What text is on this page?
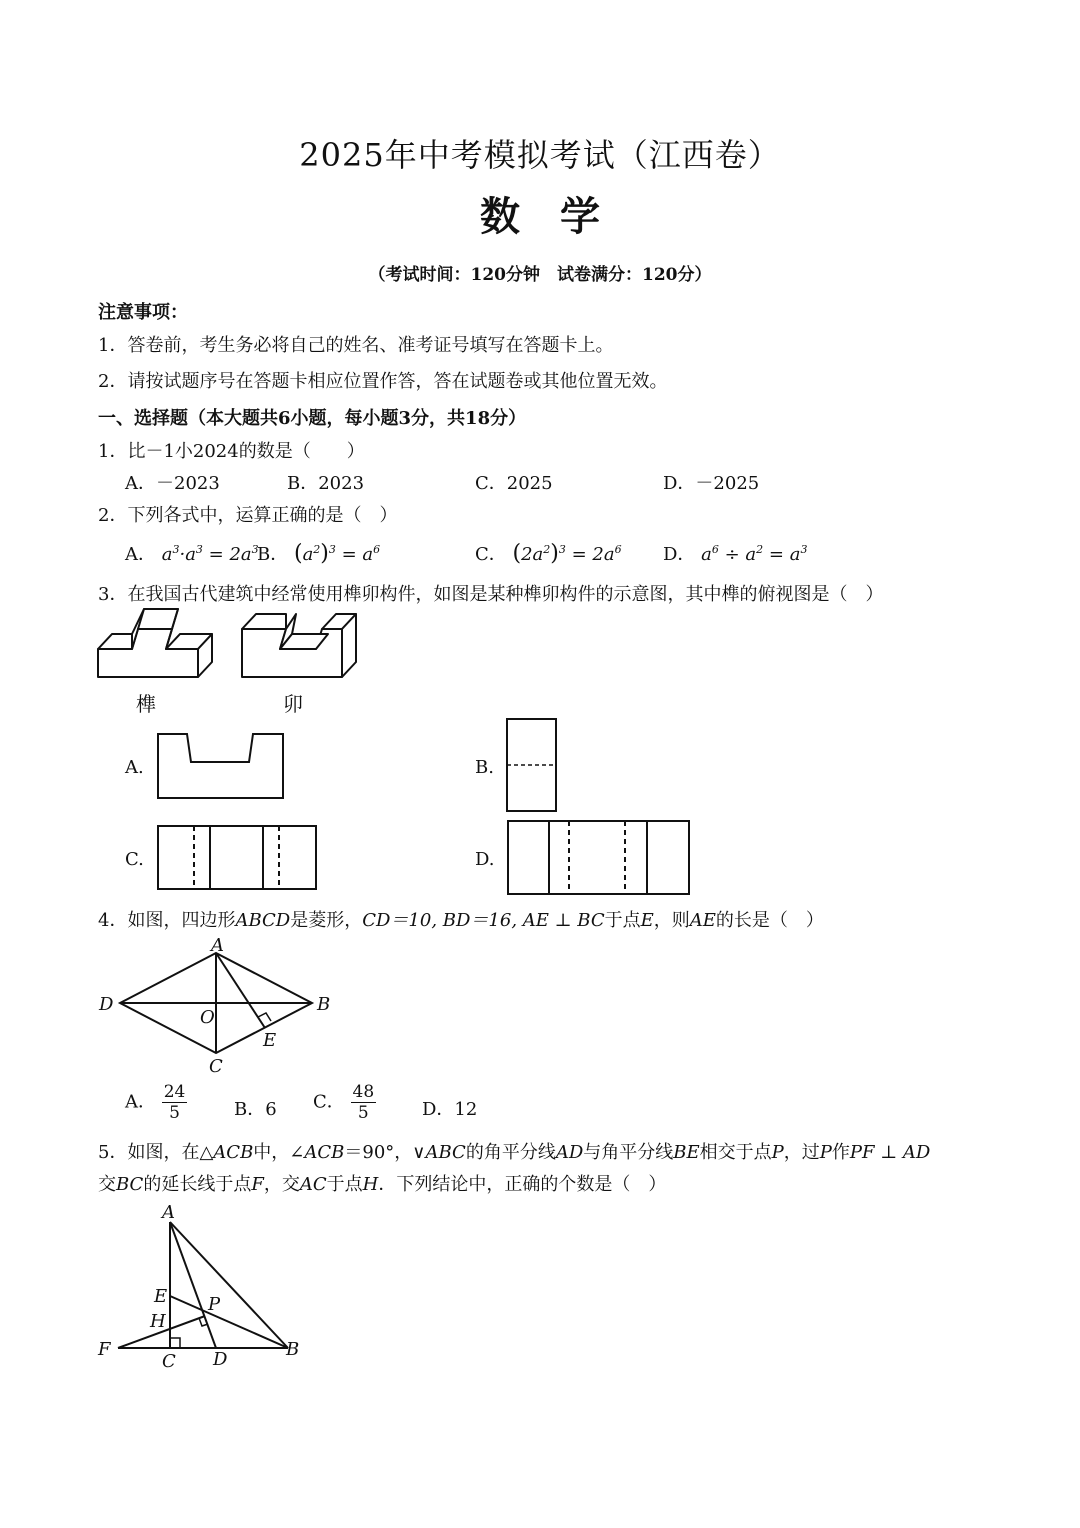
2025年中考模拟考试（江西卷）
数学
（考试时间：120分钟　试卷满分：120分）
注意事项：
1．答卷前，考生务必将自己的姓名、准考证号填写在答题卡上。
2．请按试题序号在答题卡相应位置作答，答在试题卷或其他位置无效。
一、选择题（本大题共6小题，每小题3分，共18分）
1．比－1小2024的数是（　　）
A．－2023	B．2023	C．2025	D．－2025
2．下列各式中，运算正确的是（　）
A． $a^3\cdot a^3 = 2a^3$
B． $(a^2)^3 = a^6$	C． $(2a^2)^3 = 2a^6$ D． $a^6 \div a^2 = a^3$
3．在我国古代建筑中经常使用榫卯构件，如图是某种榫卯构件的示意图，其中榫的俯视图是（　）
榫	卯
A.	B.
C.	D.
4．如图，四边形ABCD是菱形，CD＝10, BD＝16, AE ⊥ BC于点E，则AE的长是（　）
A
B
C
D
O
E
A． $\frac{24}{5}$	B．6 C． $\frac{48}{5}$	D．12
5．如图，在△ACB中，∠ACB＝90°，∨ABC的角平分线AD与角平分线BE相交于点P，过P作PF ⊥ AD
交BC的延长线于点F，交AC于点H．下列结论中，正确的个数是（　）
A
E
H
P
F
C D	B
